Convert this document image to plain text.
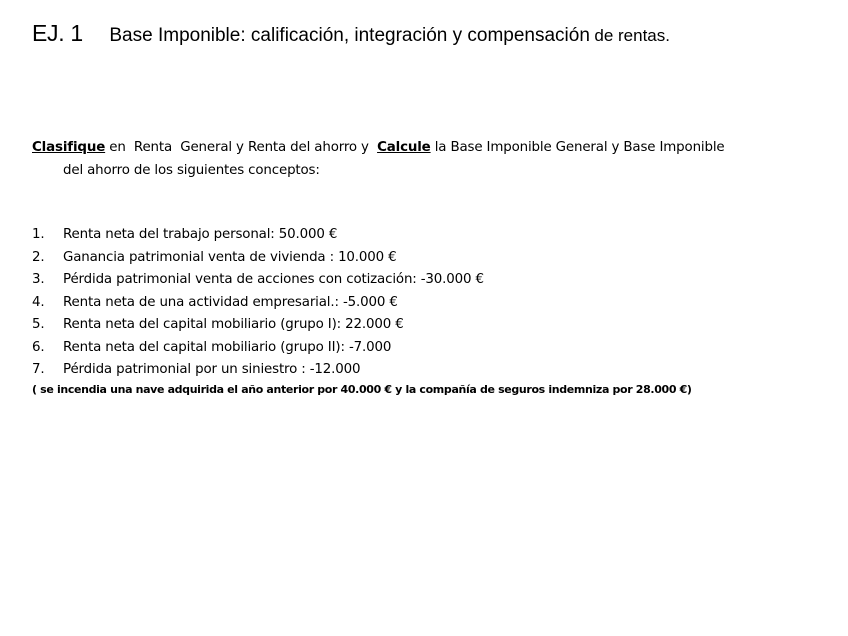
EJ. 1 Base Imponible: calificación, integración y compensación de rentas.
Clasifique en  Renta  General y Renta del ahorro y  Calcule la Base Imponible General y Base Imponible
del ahorro de los siguientes conceptos:
1. Renta neta del trabajo personal: 50.000 €
2. Ganancia patrimonial venta de vivienda : 10.000 €
3. Pérdida patrimonial venta de acciones con cotización: -30.000 €
4. Renta neta de una actividad empresarial.: -5.000 €
5. Renta neta del capital mobiliario (grupo I): 22.000 €
6. Renta neta del capital mobiliario (grupo II): -7.000
7. Pérdida patrimonial por un siniestro : -12.000
( se incendia una nave adquirida el año anterior por 40.000 € y la compañía de seguros indemniza por 28.000 €)
